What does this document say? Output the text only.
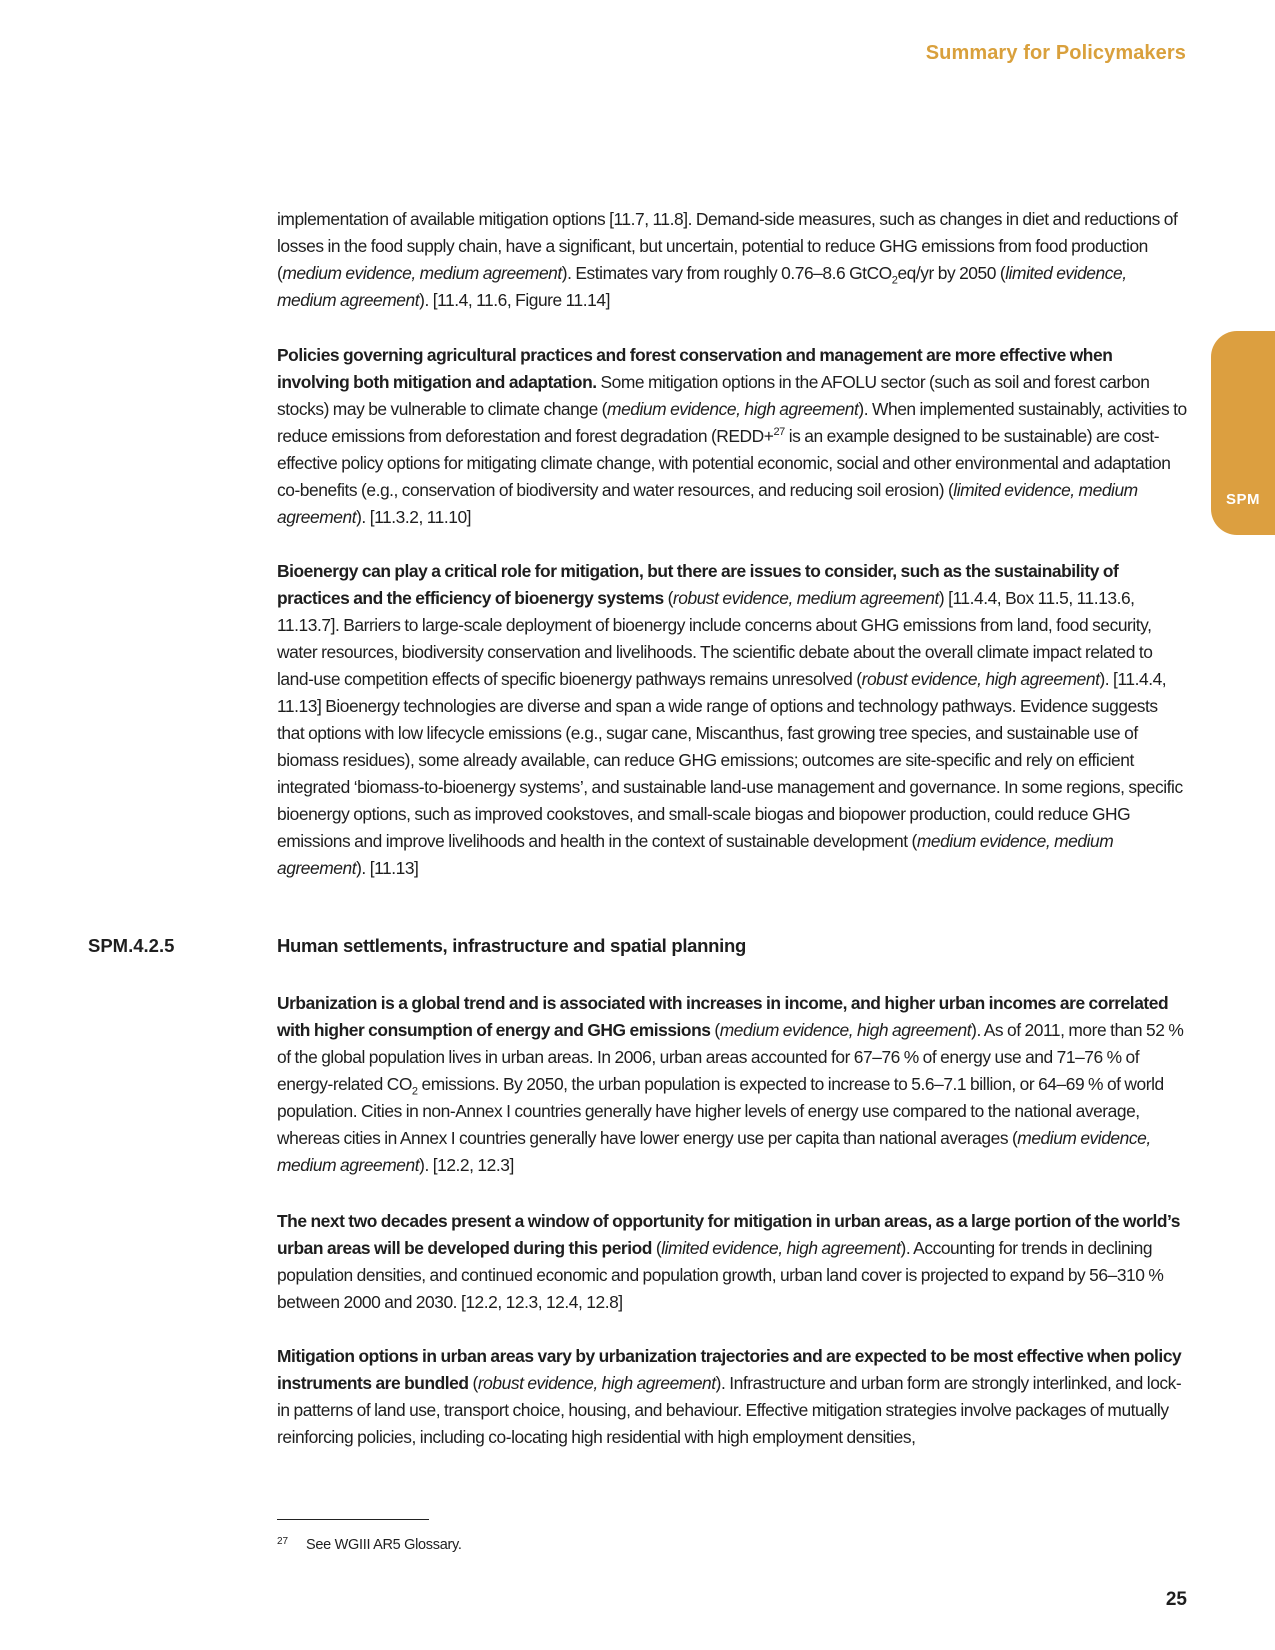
Summary for Policymakers
SPM

implementation of available mitigation options [11.7, 11.8]. Demand-side measures, such as changes in diet and reductions of losses in the food supply chain, have a significant, but uncertain, potential to reduce GHG emissions from food production (medium evidence, medium agreement). Estimates vary from roughly 0.76–8.6 GtCO$_2$eq/yr by 2050 (limited evidence, medium agreement). [11.4, 11.6, Figure 11.14]

Policies governing agricultural practices and forest conservation and management are more effective when involving both mitigation and adaptation. Some mitigation options in the AFOLU sector (such as soil and forest carbon stocks) may be vulnerable to climate change (medium evidence, high agreement). When implemented sustainably, activities to reduce emissions from deforestation and forest degradation (REDD+$^{27}$ is an example designed to be sustainable) are cost-effective policy options for mitigating climate change, with potential economic, social and other environmental and adaptation co-benefits (e.g., conservation of biodiversity and water resources, and reducing soil erosion) (limited evidence, medium agreement). [11.3.2, 11.10]

Bioenergy can play a critical role for mitigation, but there are issues to consider, such as the sustainability of practices and the efficiency of bioenergy systems (robust evidence, medium agreement) [11.4.4, Box 11.5, 11.13.6, 11.13.7]. Barriers to large-scale deployment of bioenergy include concerns about GHG emissions from land, food security, water resources, biodiversity conservation and livelihoods. The scientific debate about the overall climate impact related to land-use competition effects of specific bioenergy pathways remains unresolved (robust evidence, high agreement). [11.4.4, 11.13] Bioenergy technologies are diverse and span a wide range of options and technology pathways. Evidence suggests that options with low lifecycle emissions (e.g., sugar cane, Miscanthus, fast growing tree species, and sustainable use of biomass residues), some already available, can reduce GHG emissions; outcomes are site-specific and rely on efficient integrated ‘biomass-to-bioenergy systems’, and sustainable land-use management and governance. In some regions, specific bioenergy options, such as improved cookstoves, and small-scale biogas and biopower production, could reduce GHG emissions and improve livelihoods and health in the context of sustainable development (medium evidence, medium agreement). [11.13]

SPM.4.2.5	Human settlements, infrastructure and spatial planning

Urbanization is a global trend and is associated with increases in income, and higher urban incomes are correlated with higher consumption of energy and GHG emissions (medium evidence, high agreement). As of 2011, more than 52 % of the global population lives in urban areas. In 2006, urban areas accounted for 67–76 % of energy use and 71–76 % of energy-related $CO_2$ emissions. By 2050, the urban population is expected to increase to 5.6–7.1 billion, or 64–69 % of world population. Cities in non-Annex I countries generally have higher levels of energy use compared to the national average, whereas cities in Annex I countries generally have lower energy use per capita than national averages (medium evidence, medium agreement). [12.2, 12.3]

The next two decades present a window of opportunity for mitigation in urban areas, as a large portion of the world’s urban areas will be developed during this period (limited evidence, high agreement). Accounting for trends in declining population densities, and continued economic and population growth, urban land cover is projected to expand by 56–310 % between 2000 and 2030. [12.2, 12.3, 12.4, 12.8]

Mitigation options in urban areas vary by urbanization trajectories and are expected to be most effective when policy instruments are bundled (robust evidence, high agreement). Infrastructure and urban form are strongly interlinked, and lock-in patterns of land use, transport choice, housing, and behaviour. Effective mitigation strategies involve packages of mutually reinforcing policies, including co-locating high residential with high employment densities,

27 See WGIII AR5 Glossary.
25
